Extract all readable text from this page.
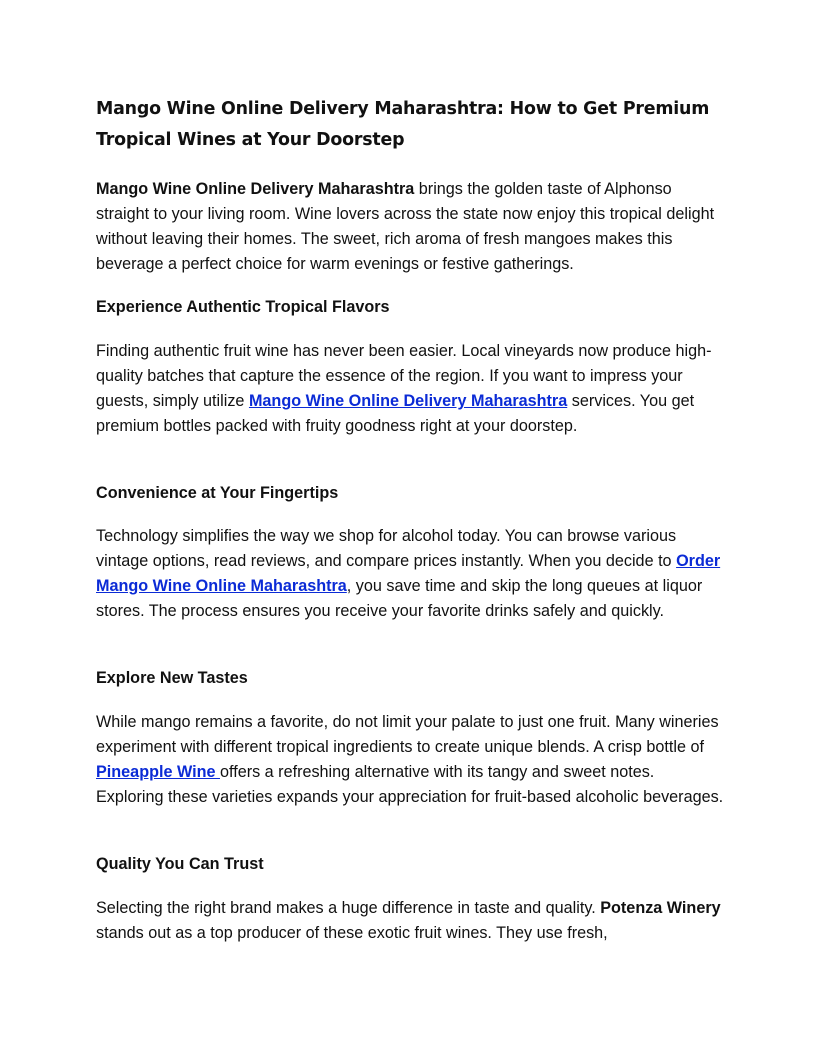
Mango Wine Online Delivery Maharashtra: How to Get Premium Tropical Wines at Your Doorstep

Mango Wine Online Delivery Maharashtra brings the golden taste of Alphonso straight to your living room. Wine lovers across the state now enjoy this tropical delight without leaving their homes. The sweet, rich aroma of fresh mangoes makes this beverage a perfect choice for warm evenings or festive gatherings.

Experience Authentic Tropical Flavors

Finding authentic fruit wine has never been easier. Local vineyards now produce high-quality batches that capture the essence of the region. If you want to impress your guests, simply utilize Mango Wine Online Delivery Maharashtra services. You get premium bottles packed with fruity goodness right at your doorstep.

Convenience at Your Fingertips

Technology simplifies the way we shop for alcohol today. You can browse various vintage options, read reviews, and compare prices instantly. When you decide to Order Mango Wine Online Maharashtra, you save time and skip the long queues at liquor stores. The process ensures you receive your favorite drinks safely and quickly.

Explore New Tastes

While mango remains a favorite, do not limit your palate to just one fruit. Many wineries experiment with different tropical ingredients to create unique blends. A crisp bottle of Pineapple Wine offers a refreshing alternative with its tangy and sweet notes. Exploring these varieties expands your appreciation for fruit-based alcoholic beverages.

Quality You Can Trust

Selecting the right brand makes a huge difference in taste and quality. Potenza Winery stands out as a top producer of these exotic fruit wines. They use fresh,
